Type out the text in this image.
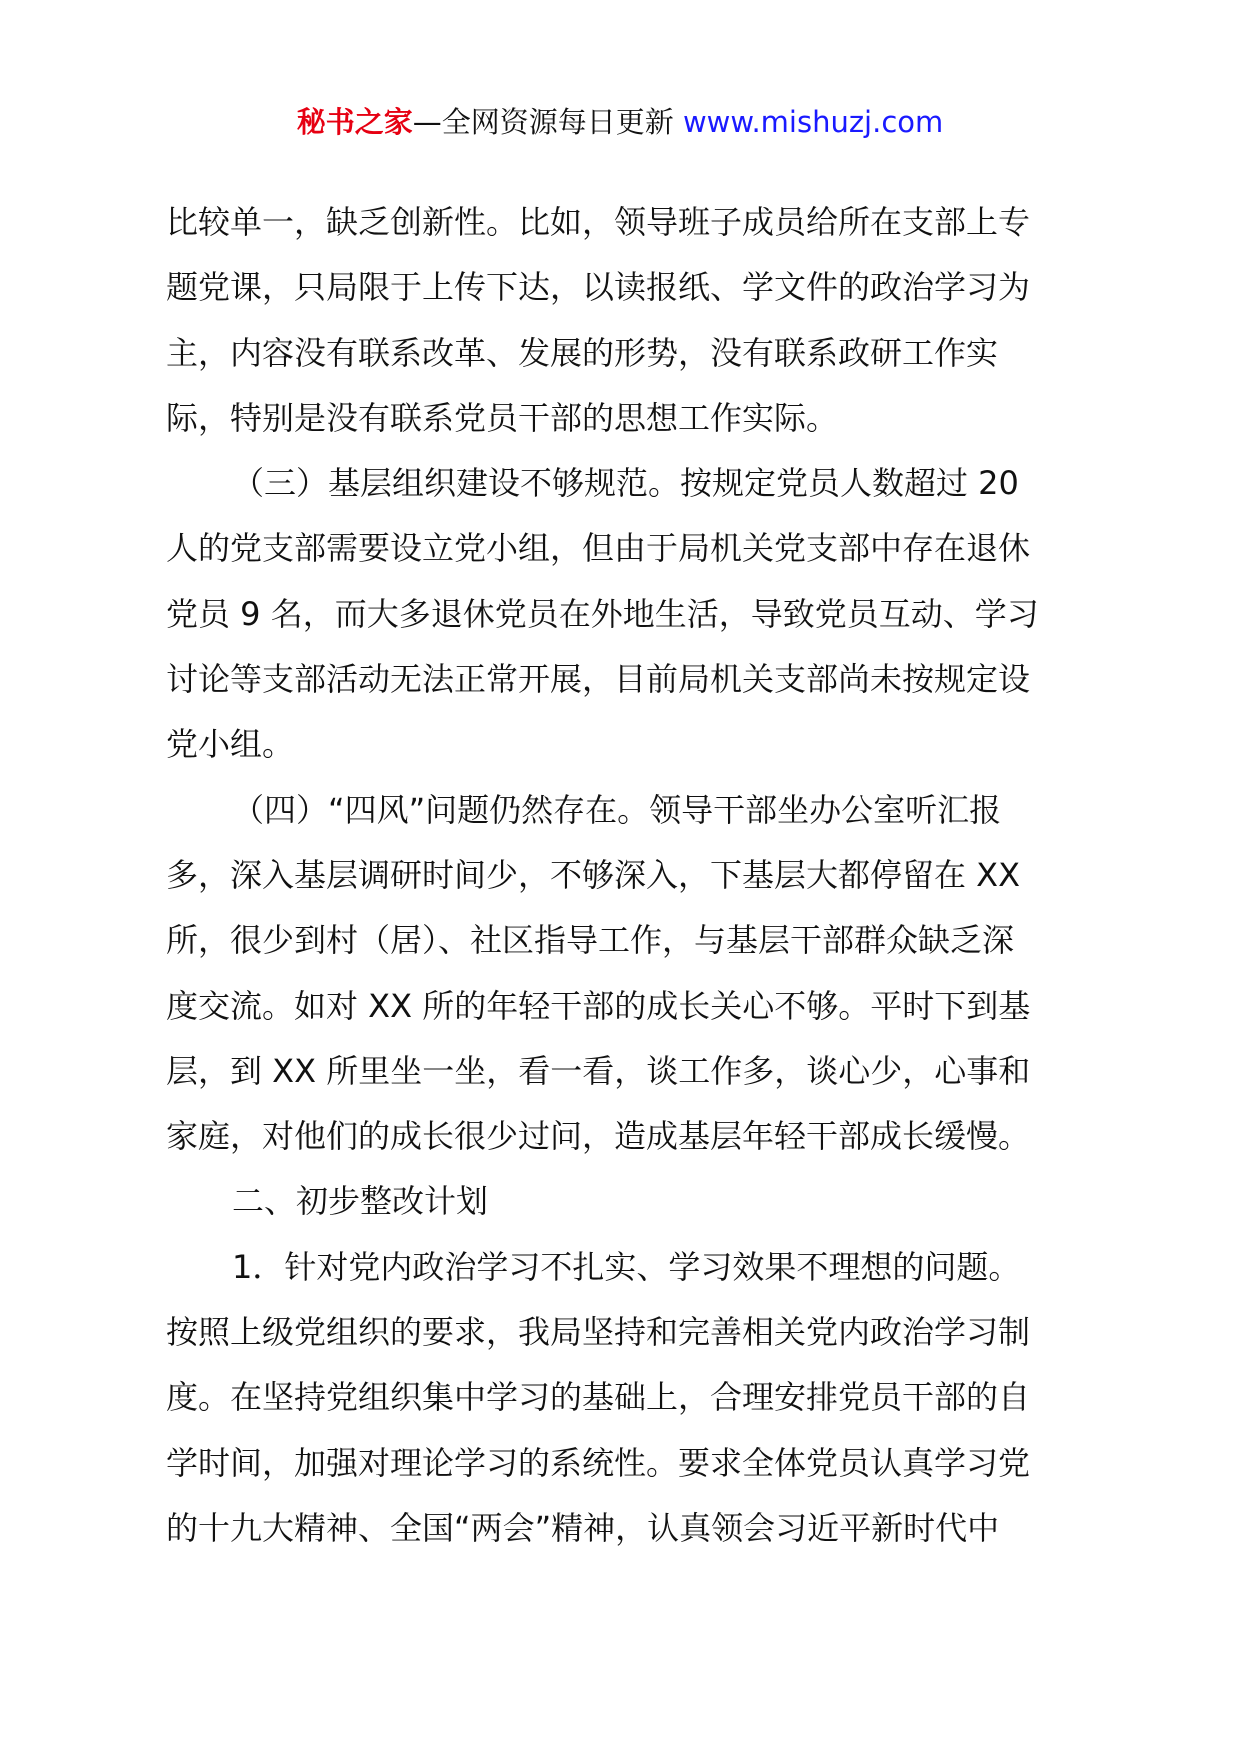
秘书之家—全网资源每日更新 www.mishuzj.com
比较单一，缺乏创新性。比如，领导班子成员给所在支部上专
题党课，只局限于上传下达，以读报纸、学文件的政治学习为
主，内容没有联系改革、发展的形势，没有联系政研工作实
际，特别是没有联系党员干部的思想工作实际。
（三）基层组织建设不够规范。按规定党员人数超过 20
人的党支部需要设立党小组，但由于局机关党支部中存在退休
党员 9 名，而大多退休党员在外地生活，导致党员互动、学习
讨论等支部活动无法正常开展，目前局机关支部尚未按规定设
党小组。
（四）“四风”问题仍然存在。领导干部坐办公室听汇报
多，深入基层调研时间少，不够深入，下基层大都停留在 XX
所，很少到村（居）、社区指导工作，与基层干部群众缺乏深
度交流。如对 XX 所的年轻干部的成长关心不够。平时下到基
层，到 XX 所里坐一坐，看一看，谈工作多，谈心少，心事和
家庭，对他们的成长很少过问，造成基层年轻干部成长缓慢。
二、初步整改计划
1．针对党内政治学习不扎实、学习效果不理想的问题。
按照上级党组织的要求，我局坚持和完善相关党内政治学习制
度。在坚持党组织集中学习的基础上，合理安排党员干部的自
学时间，加强对理论学习的系统性。要求全体党员认真学习党
的十九大精神、全国“两会”精神，认真领会习近平新时代中
